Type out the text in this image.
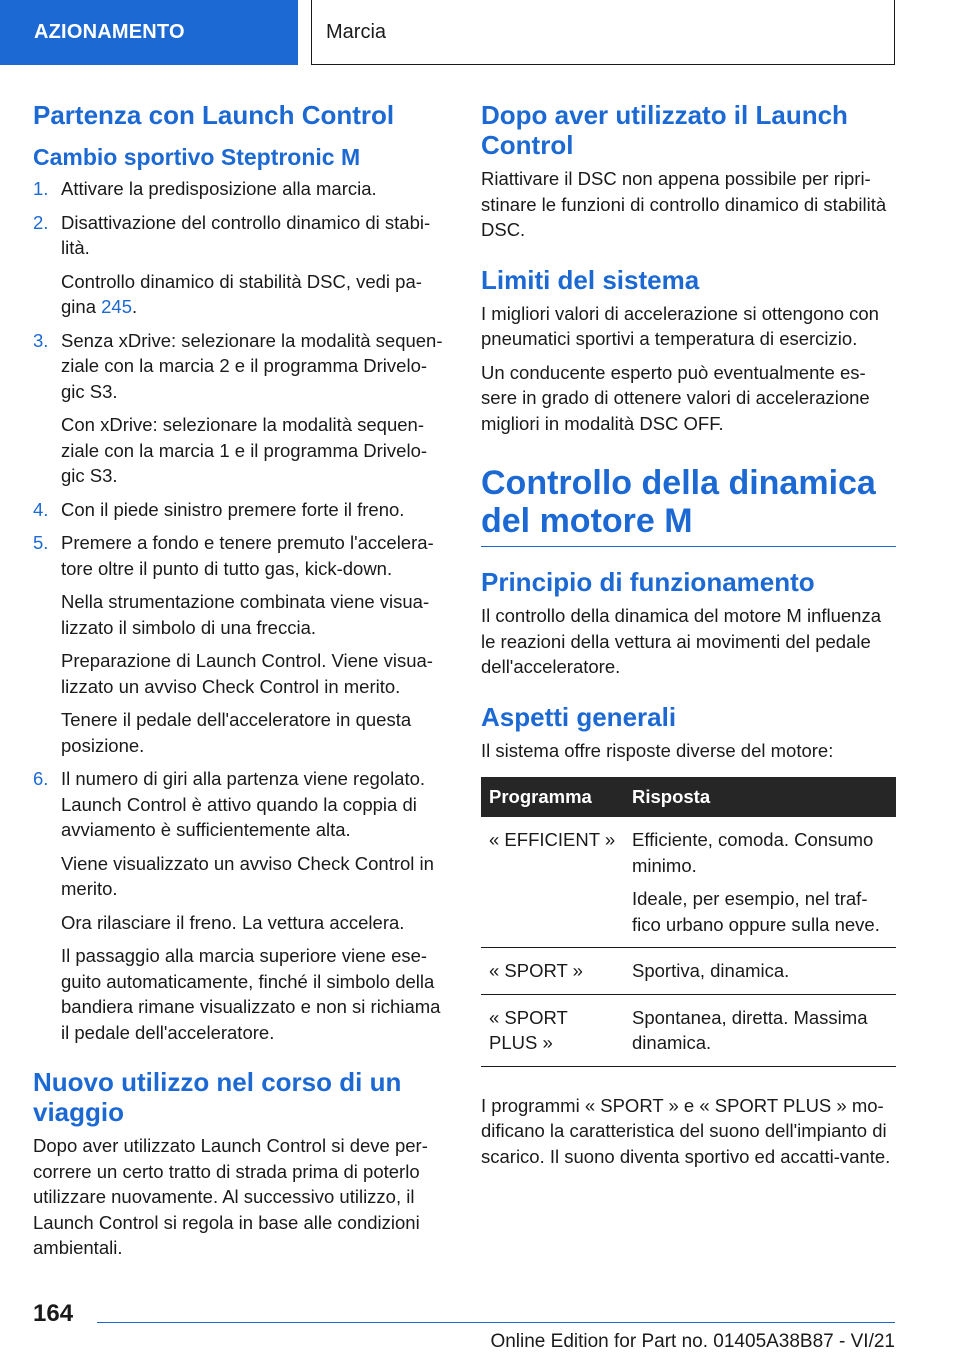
AZIONAMENTO	Marcia
Partenza con Launch Control
Cambio sportivo Steptronic M
1. Attivare la predisposizione alla marcia.

2. Disattivazione del controllo dinamico di stabi-lità.

Controllo dinamico di stabilità DSC, vedi pa-gina 245.

3. Senza xDrive: selezionare la modalità sequen-ziale con la marcia 2 e il programma Drivelo-gic S3.

Con xDrive: selezionare la modalità sequen-ziale con la marcia 1 e il programma Drivelo-gic S3.

4. Con il piede sinistro premere forte il freno.

5. Premere a fondo e tenere premuto l'accelera-tore oltre il punto di tutto gas, kick-down.

Nella strumentazione combinata viene visua-lizzato il simbolo di una freccia.

Preparazione di Launch Control. Viene visua-lizzato un avviso Check Control in merito.

Tenere il pedale dell'acceleratore in questa posizione.

6. Il numero di giri alla partenza viene regolato. Launch Control è attivo quando la coppia di avviamento è sufficientemente alta.

Viene visualizzato un avviso Check Control in merito.

Ora rilasciare il freno. La vettura accelera.

Il passaggio alla marcia superiore viene ese-guito automaticamente, finché il simbolo della bandiera rimane visualizzato e non si richiama il pedale dell'acceleratore.

Nuovo utilizzo nel corso di un viaggio

Dopo aver utilizzato Launch Control si deve per-correre un certo tratto di strada prima di poterlo utilizzare nuovamente. Al successivo utilizzo, il Launch Control si regola in base alle condizioni ambientali.

Dopo aver utilizzato il Launch Control

Riattivare il DSC non appena possibile per ripri-stinare le funzioni di controllo dinamico di stabilità DSC.

Limiti del sistema

I migliori valori di accelerazione si ottengono con pneumatici sportivi a temperatura di esercizio.

Un conducente esperto può eventualmente es-sere in grado di ottenere valori di accelerazione migliori in modalità DSC OFF.

Controllo della dinamica del motore M
Principio di funzionamento

Il controllo della dinamica del motore M influenza le reazioni della vettura ai movimenti del pedale dell'acceleratore.

Aspetti generali

Il sistema offre risposte diverse del motore:

Programma	Risposta
« EFFICIENT »	Efficiente, comoda. Consumo minimo.

Ideale, per esempio, nel traf-fico urbano oppure sulla neve.

« SPORT »	Sportiva, dinamica.

« SPORT PLUS »	Spontanea, diretta. Massima dinamica.

I programmi « SPORT » e « SPORT PLUS » mo-dificano la caratteristica del suono dell'impianto di scarico. Il suono diventa sportivo ed accatti-vante.

164
Online Edition for Part no. 01405A38B87 - VI/21
